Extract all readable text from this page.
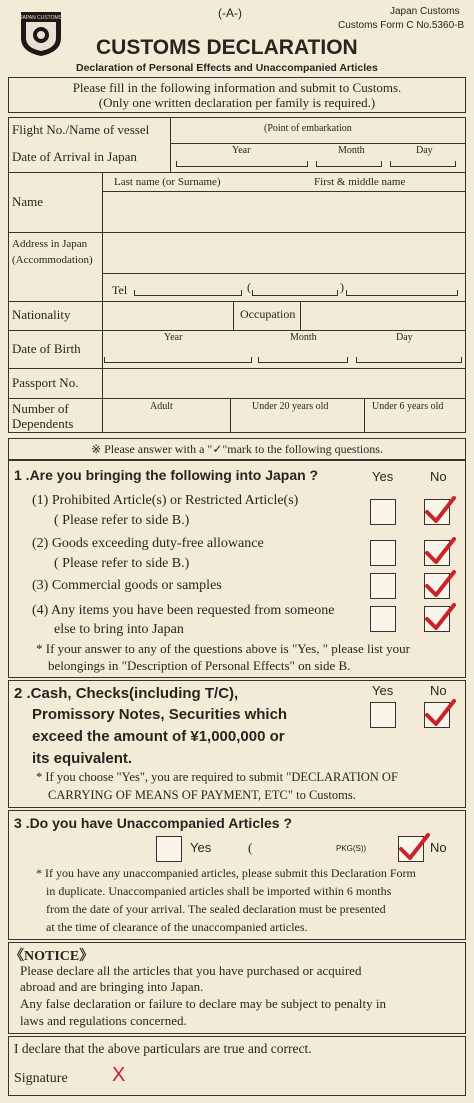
JAPAN CUSTOMS	(-A-)	Japan Customs
Customs Form C No.5360-B
CUSTOMS DECLARATION
Declaration of Personal Effects and Unaccompanied Articles
Please fill in the following information and submit to Customs.
(Only one written declaration per family is required.)
Flight No./Name of vessel	(Point of embarkation
Date of Arrival in Japan	Year	Month	Day
Last name (or Surname)	First & middle name
Name
Address in Japan
(Accommodation)
Tel	(	)
Nationality	Occupation
Date of Birth
Year	Month	Day
Passport No.
Number of
Dependents
Adult	Under 20 years old	Under 6 years old
※ Please answer with a "✓"mark to the following questions.
1 .Are you bringing the following into Japan ?	Yes	No
(1) Prohibited Article(s) or Restricted Article(s)
( Please refer to side B.)
(2) Goods exceeding duty-free allowance
( Please refer to side B.)
(3) Commercial goods or samples
(4) Any items you have been requested from someone
else to bring into Japan
* If your answer to any of the questions above is "Yes, " please list your
belongings in "Description of Personal Effects" on side B.
2 .Cash, Checks(including T/C),
Promissory Notes, Securities which
exceed the amount of ¥1,000,000 or
its equivalent.
Yes	No
* If you choose "Yes", you are required to submit "DECLARATION OF
CARRYING OF MEANS OF PAYMENT, ETC" to Customs.
3 .Do you have Unaccompanied Articles ?
Yes	(	PKG(S))	No
* If you have any unaccompanied articles, please submit this Declaration Form
in duplicate. Unaccompanied articles shall be imported within 6 months
from the date of your arrival. The sealed declaration must be presented
at the time of clearance of the unaccompanied articles.
《NOTICE》
Please declare all the articles that you have purchased or acquired
abroad and are bringing into Japan.
Any false declaration or failure to declare may be subject to penalty in
laws and regulations concerned.
I declare that the above particulars are true and correct.
Signature X
